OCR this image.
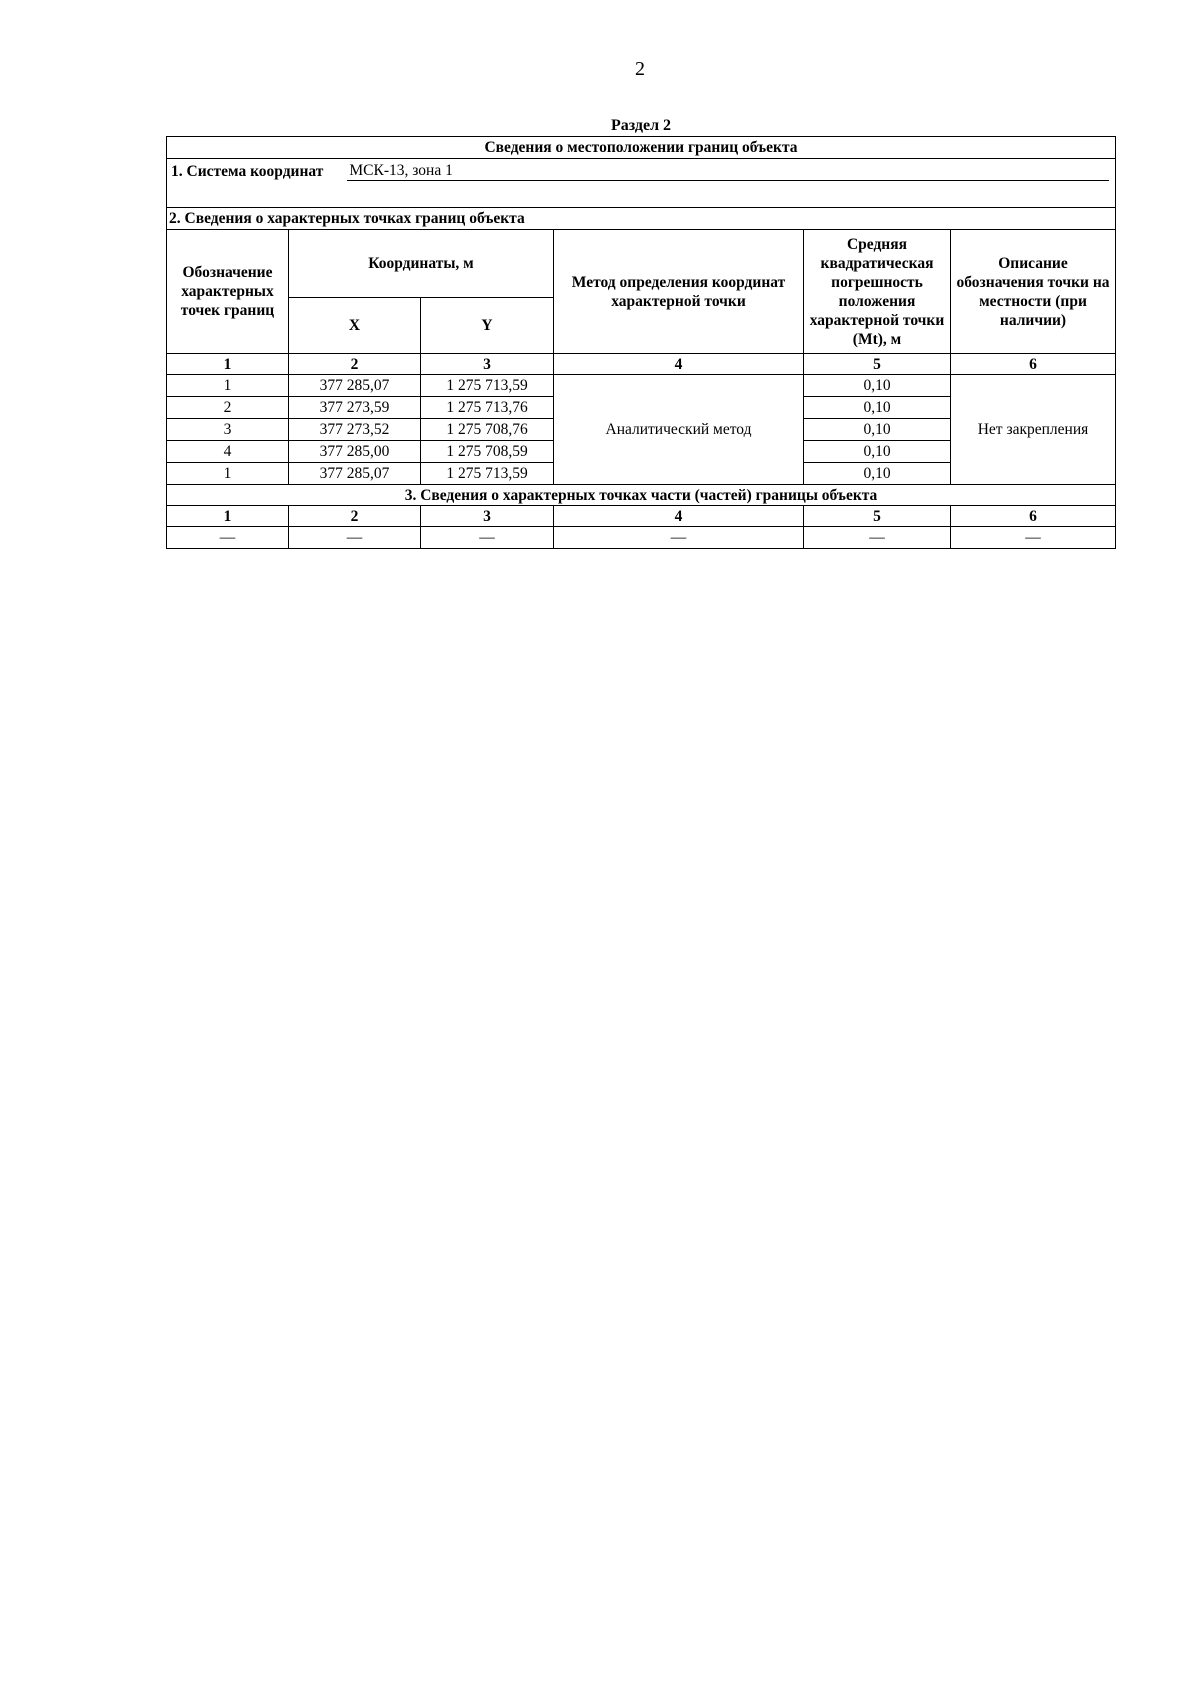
2
Раздел 2
Сведения о местоположении границ объекта					

1. Система координат МСК-13, зона 1					

2. Сведения о характерных точках границ объекта					
Обозначение характерных точек границ	Координаты, м		Метод определения координат характерной точки	Средняя квадратическая погрешность положения характерной точки (Mt), м	Описание обозначения точки на местности (при наличии)
	X	Y			
1	2	3	4	5	6
1	377 285,07	1 275 713,59	Аналитический метод	0,10	Нет закрепления
2	377 273,59	1 275 713,76		0,10	
3	377 273,52	1 275 708,76		0,10	
4	377 285,00	1 275 708,59		0,10	
1	377 285,07	1 275 713,59		0,10	
3. Сведения о характерных точках части (частей) границы объекта					
1	2	3	4	5	6
—	—	—	—	—	—
